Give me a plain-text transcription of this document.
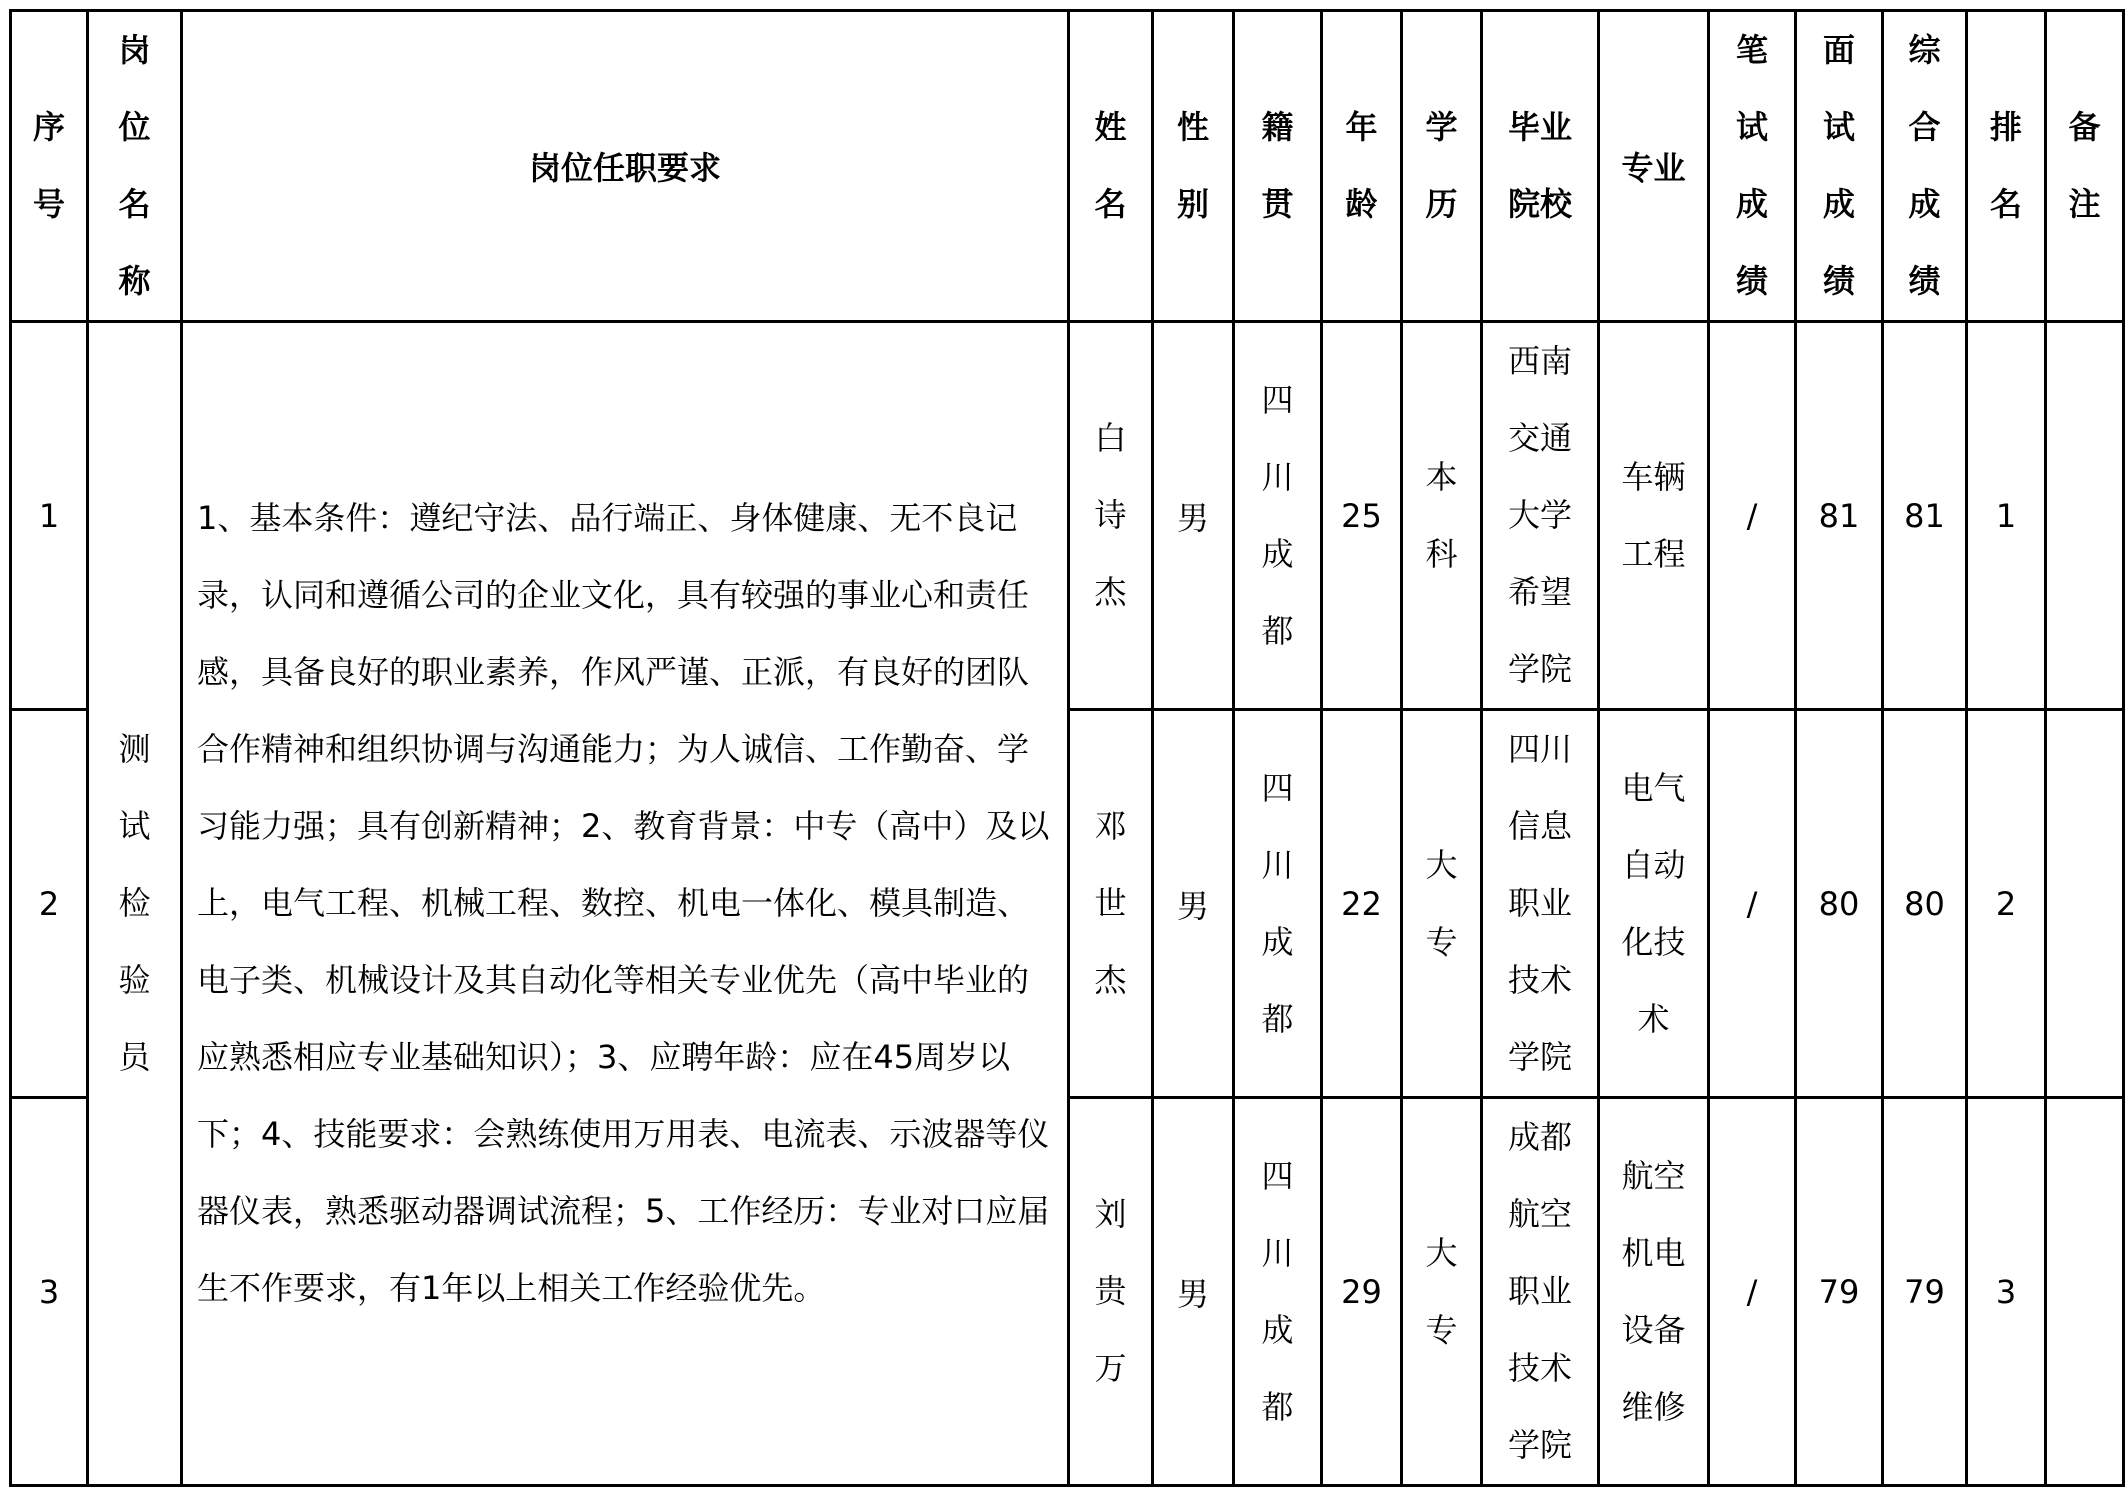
序号	岗位名称	岗位任职要求	姓名	性别	籍贯	年龄	学历	毕业院校	专业	笔试成绩	面试成绩	综合成绩	排名	备注
1	测试检验员	1、基本条件：遵纪守法、品行端正、身体健康、无不良记录，认同和遵循公司的企业文化，具有较强的事业心和责任感，具备良好的职业素养，作风严谨、正派，有良好的团队合作精神和组织协调与沟通能力；为人诚信、工作勤奋、学习能力强；具有创新精神；2、教育背景：中专（高中）及以上，电气工程、机械工程、数控、机电一体化、模具制造、电子类、机械设计及其自动化等相关专业优先（高中毕业的应熟悉相应专业基础知识）；3、应聘年龄：应在45周岁以下；4、技能要求：会熟练使用万用表、电流表、示波器等仪器仪表，熟悉驱动器调试流程；5、工作经历：专业对口应届生不作要求，有1年以上相关工作经验优先。	白诗杰	男	四川成都	25	本科	西南交通大学希望学院	车辆工程	/	81	81	1	
2			邓世杰	男	四川成都	22	大专	四川信息职业技术学院	电气自动化技术	/	80	80	2	
3			刘贵万	男	四川成都	29	大专	成都航空职业技术学院	航空机电设备维修	/	79	79	3	
